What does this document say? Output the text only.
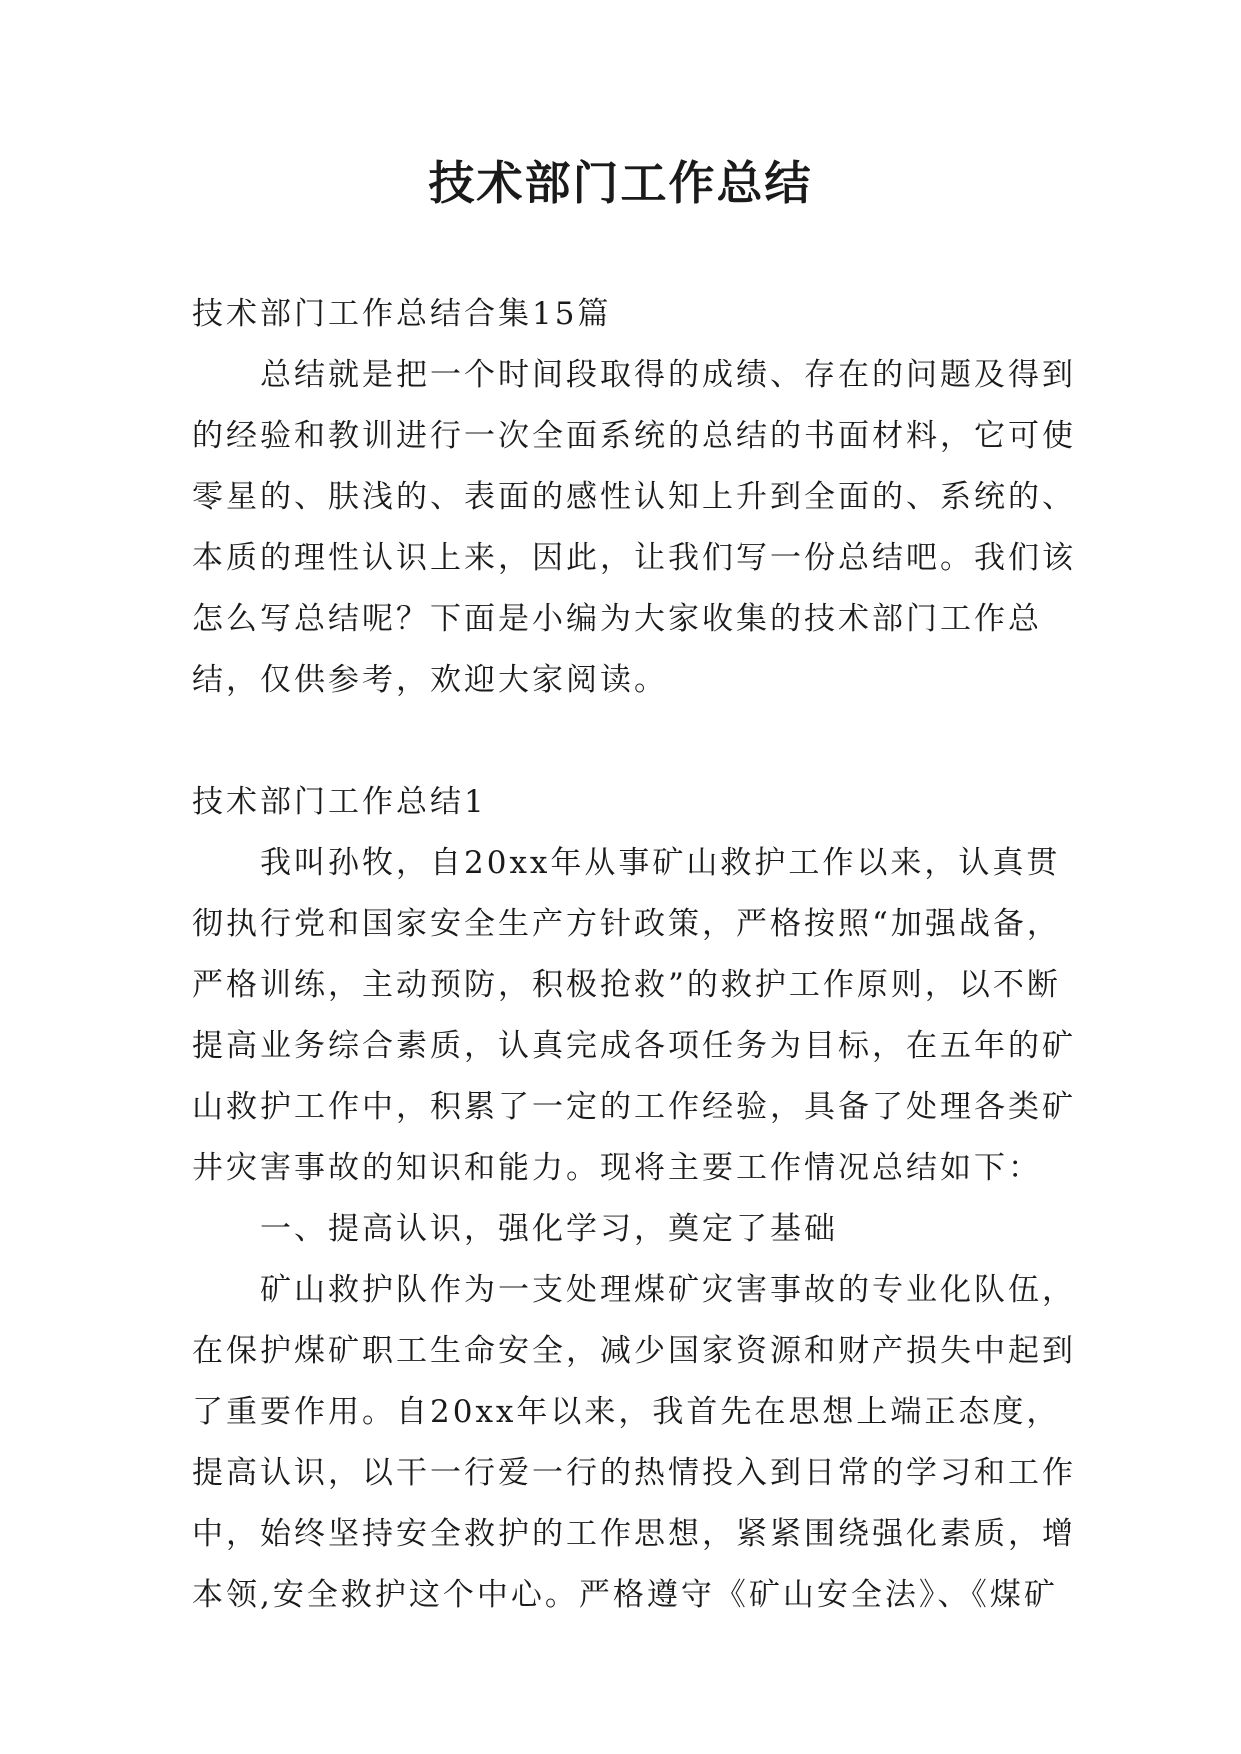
技术部门工作总结
技术部门工作总结合集15篇
总结就是把一个时间段取得的成绩、存在的问题及得到
的经验和教训进行一次全面系统的总结的书面材料，它可使
零星的、肤浅的、表面的感性认知上升到全面的、系统的、
本质的理性认识上来，因此，让我们写一份总结吧。我们该
怎么写总结呢？下面是小编为大家收集的技术部门工作总
结，仅供参考，欢迎大家阅读。
技术部门工作总结1
我叫孙牧，自20xx年从事矿山救护工作以来，认真贯
彻执行党和国家安全生产方针政策，严格按照“加强战备，
严格训练，主动预防，积极抢救”的救护工作原则，以不断
提高业务综合素质，认真完成各项任务为目标，在五年的矿
山救护工作中，积累了一定的工作经验，具备了处理各类矿
井灾害事故的知识和能力。现将主要工作情况总结如下：
一、提高认识，强化学习，奠定了基础
矿山救护队作为一支处理煤矿灾害事故的专业化队伍，
在保护煤矿职工生命安全，减少国家资源和财产损失中起到
了重要作用。自20xx年以来，我首先在思想上端正态度，
提高认识，以干一行爱一行的热情投入到日常的学习和工作
中，始终坚持安全救护的工作思想，紧紧围绕强化素质，增
本领,安全救护这个中心。严格遵守《矿山安全法》、《煤矿
